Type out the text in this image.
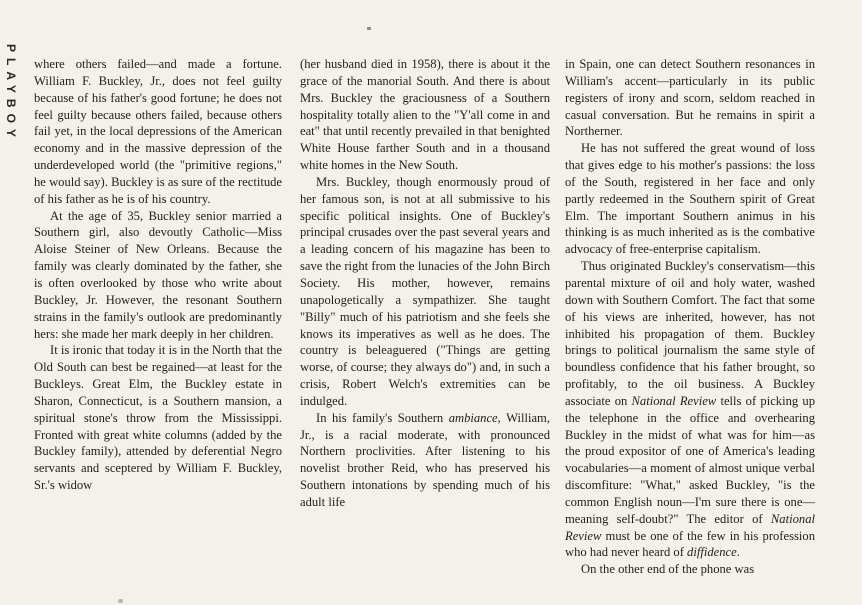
PLAYBOY where others failed—and made a fortune. William F. Buckley, Jr., does not feel guilty because of his father's good fortune; he does not feel guilty because others failed, because others fail yet, in the local depressions of the American economy and in the massive depression of the underdeveloped world (the "primitive regions," he would say). Buckley is as sure of the rectitude of his father as he is of his country.

At the age of 35, Buckley senior married a Southern girl, also devoutly Catholic—Miss Aloise Steiner of New Orleans. Because the family was clearly dominated by the father, she is often overlooked by those who write about Buckley, Jr. However, the resonant Southern strains in the family's outlook are predominantly hers: she made her mark deeply in her children.

It is ironic that today it is in the North that the Old South can best be regained—at least for the Buckleys. Great Elm, the Buckley estate in Sharon, Connecticut, is a Southern mansion, a spiritual stone's throw from the Mississippi. Fronted with great white columns (added by the Buckley family), attended by deferential Negro servants and sceptered by William F. Buckley, Sr.'s widow

(her husband died in 1958), there is about it the grace of the manorial South. And there is about Mrs. Buckley the graciousness of a Southern hospitality totally alien to the "Y'all come in and eat" that until recently prevailed in that benighted White House farther South and in a thousand white homes in the New South.

Mrs. Buckley, though enormously proud of her famous son, is not at all submissive to his specific political insights. One of Buckley's principal crusades over the past several years and a leading concern of his magazine has been to save the right from the lunacies of the John Birch Society. His mother, however, remains unapologetically a sympathizer. She taught "Billy" much of his patriotism and she feels she knows its imperatives as well as he does. The country is beleaguered ("Things are getting worse, of course; they always do") and, in such a crisis, Robert Welch's extremities can be indulged.

In his family's Southern ambiance, William, Jr., is a racial moderate, with pronounced Northern proclivities. After listening to his novelist brother Reid, who has preserved his Southern intonations by spending much of his adult life

in Spain, one can detect Southern resonances in William's accent—particularly in its public registers of irony and scorn, seldom reached in casual conversation. But he remains in spirit a Northerner.

He has not suffered the great wound of loss that gives edge to his mother's passions: the loss of the South, registered in her face and only partly redeemed in the Southern spirit of Great Elm. The important Southern animus in his thinking is as much inherited as is the combative advocacy of free-enterprise capitalism.

Thus originated Buckley's conservatism—this parental mixture of oil and holy water, washed down with Southern Comfort. The fact that some of his views are inherited, however, has not inhibited his propagation of them. Buckley brings to political journalism the same style of boundless confidence that his father brought, so profitably, to the oil business. A Buckley associate on National Review tells of picking up the telephone in the office and overhearing Buckley in the midst of what was for him—as the proud expositor of one of America's leading vocabularies—a moment of almost unique verbal discomfiture: "What," asked Buckley, "is the common English noun—I'm sure there is one—meaning self-doubt?" The editor of National Review must be one of the few in his profession who had never heard of diffidence.

On the other end of the phone was
